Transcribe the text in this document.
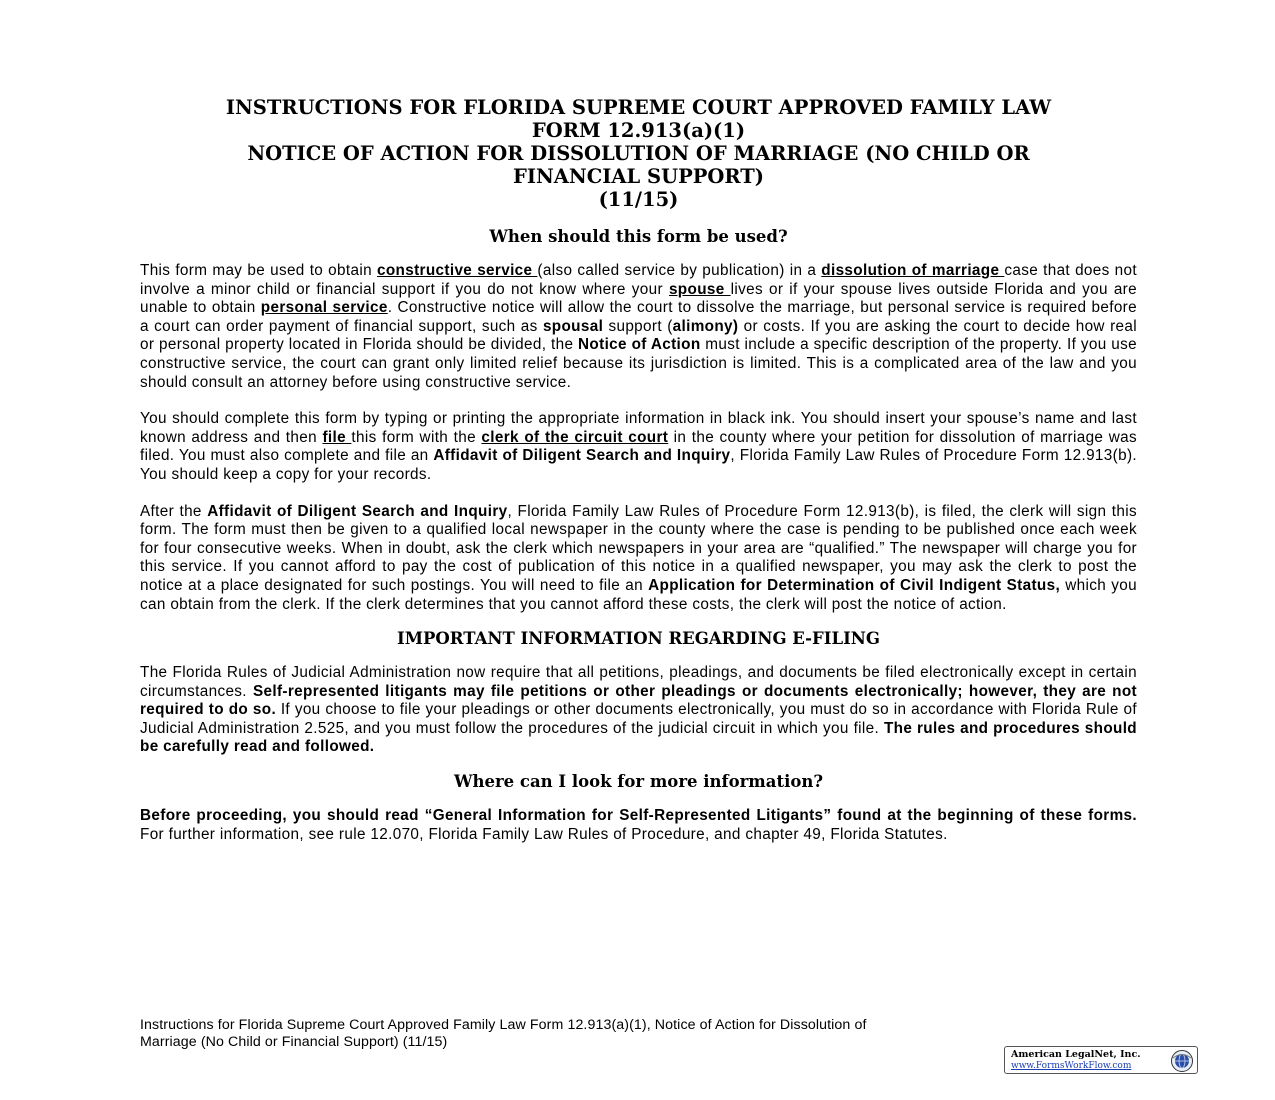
INSTRUCTIONS FOR FLORIDA SUPREME COURT APPROVED FAMILY LAW
FORM 12.913(a)(1)
NOTICE OF ACTION FOR DISSOLUTION OF MARRIAGE (NO CHILD OR
FINANCIAL SUPPORT)
(11/15)
When should this form be used?

This form may be used to obtain constructive service (also called service by publication) in a dissolution of marriage case that does not involve a minor child or financial support if you do not know where your spouse lives or if your spouse lives outside Florida and you are unable to obtain personal service. Constructive notice will allow the court to dissolve the marriage, but personal service is required before a court can order payment of financial support, such as spousal support (alimony) or costs. If you are asking the court to decide how real or personal property located in Florida should be divided, the Notice of Action must include a specific description of the property. If you use constructive service, the court can grant only limited relief because its jurisdiction is limited. This is a complicated area of the law and you should consult an attorney before using constructive service.

You should complete this form by typing or printing the appropriate information in black ink. You should insert your spouse’s name and last known address and then file this form with the clerk of the circuit court in the county where your petition for dissolution of marriage was filed. You must also complete and file an Affidavit of Diligent Search and Inquiry, Florida Family Law Rules of Procedure Form 12.913(b). You should keep a copy for your records.

After the Affidavit of Diligent Search and Inquiry, Florida Family Law Rules of Procedure Form 12.913(b), is filed, the clerk will sign this form. The form must then be given to a qualified local newspaper in the county where the case is pending to be published once each week for four consecutive weeks. When in doubt, ask the clerk which newspapers in your area are “qualified.” The newspaper will charge you for this service. If you cannot afford to pay the cost of publication of this notice in a qualified newspaper, you may ask the clerk to post the notice at a place designated for such postings. You will need to file an Application for Determination of Civil Indigent Status, which you can obtain from the clerk. If the clerk determines that you cannot afford these costs, the clerk will post the notice of action.

IMPORTANT INFORMATION REGARDING E-FILING

The Florida Rules of Judicial Administration now require that all petitions, pleadings, and documents be filed electronically except in certain circumstances. Self-represented litigants may file petitions or other pleadings or documents electronically; however, they are not required to do so. If you choose to file your pleadings or other documents electronically, you must do so in accordance with Florida Rule of Judicial Administration 2.525, and you must follow the procedures of the judicial circuit in which you file. The rules and procedures should be carefully read and followed.

Where can I look for more information?

Before proceeding, you should read “General Information for Self-Represented Litigants” found at the beginning of these forms. For further information, see rule 12.070, Florida Family Law Rules of Procedure, and chapter 49, Florida Statutes.

Instructions for Florida Supreme Court Approved Family Law Form 12.913(a)(1), Notice of Action for Dissolution of
Marriage (No Child or Financial Support) (11/15)
American LegalNet, Inc.
www.FormsWorkFlow.com
